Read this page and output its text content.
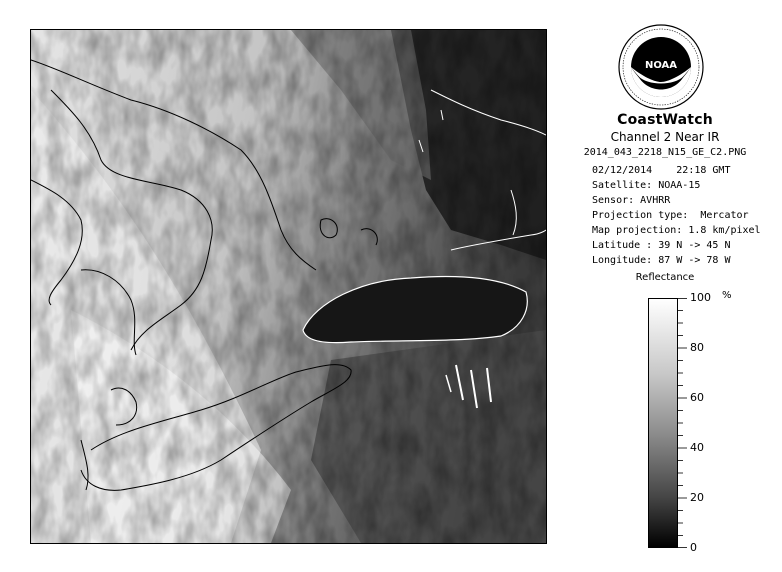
NOAA
CoastWatch
Channel 2 Near IR
2014_043_2218_N15_GE_C2.PNG
02/12/2014    22:18 GMT
Satellite: NOAA-15
Sensor: AVHRR
Projection type:  Mercator
Map projection: 1.8 km/pixel
Latitude : 39 N -> 45 N
Longitude: 87 W -> 78 W
Reflectance
%
100
80
60
40
20
0
